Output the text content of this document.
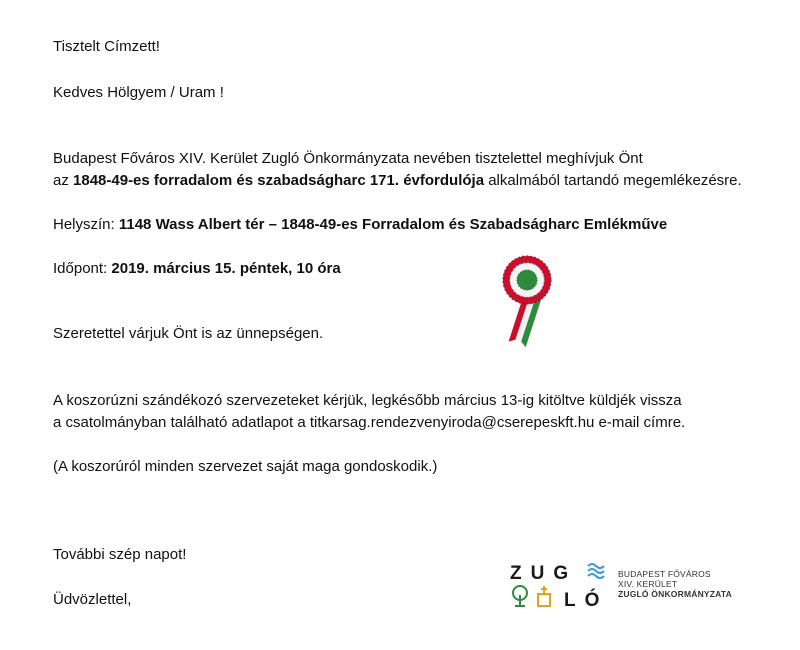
Tisztelt Címzett!
Kedves Hölgyem / Uram !
Budapest Főváros XIV. Kerület Zugló Önkormányzata nevében tisztelettel meghívjuk Önt
az 1848-49-es forradalom és szabadságharc 171. évfordulója alkalmából tartandó megemlékezésre.
Helyszín: 1148 Wass Albert tér – 1848-49-es Forradalom és Szabadságharc Emlékműve
Időpont: 2019. március 15. péntek, 10 óra
Szeretettel várjuk Önt is az ünnepségen.
A koszorúzni szándékozó szervezeteket kérjük, legkésőbb március 13-ig kitöltve küldjék vissza
a csatolmányban található adatlapot a titkarsag.rendezvenyiroda@cserepeskft.hu e-mail címre.
(A koszorúról minden szervezet saját maga gondoskodik.)
További szép napot!
Üdvözlettel,
ZUG
LÓ
BUDAPEST FŐVÁROS
XIV. KERÜLET
ZUGLÓ ÖNKORMÁNYZATA
